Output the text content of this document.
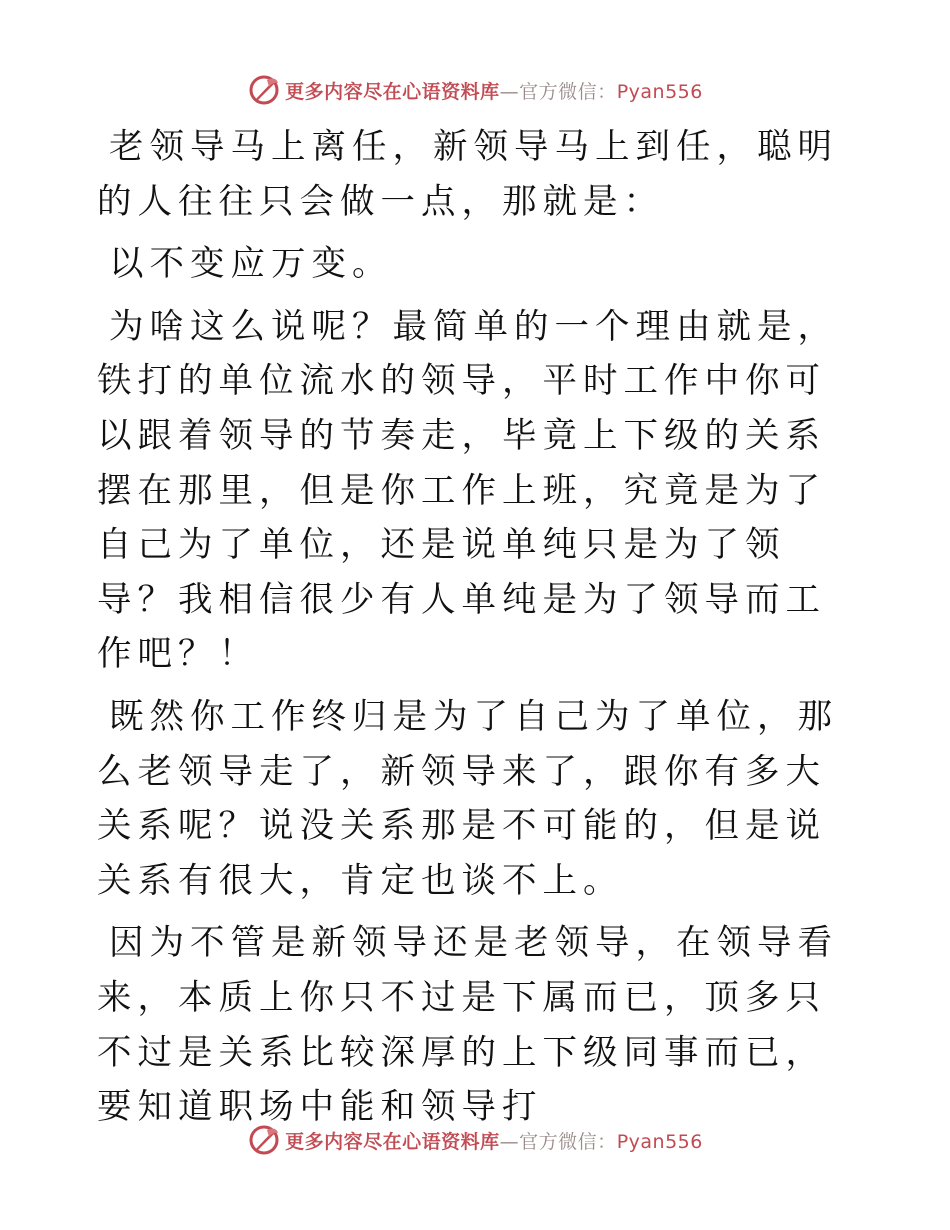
更多内容尽在心语资料库—官方微信：Pyan556

老领导马上离任，新领导马上到任，聪明的人往往只会做一点，那就是：

以不变应万变。

为啥这么说呢？最简单的一个理由就是，铁打的单位流水的领导，平时工作中你可以跟着领导的节奏走，毕竟上下级的关系摆在那里，但是你工作上班，究竟是为了自己为了单位，还是说单纯只是为了领导？我相信很少有人单纯是为了领导而工作吧？！

既然你工作终归是为了自己为了单位，那么老领导走了，新领导来了，跟你有多大关系呢？说没关系那是不可能的，但是说关系有很大，肯定也谈不上。

因为不管是新领导还是老领导，在领导看来，本质上你只不过是下属而已，顶多只不过是关系比较深厚的上下级同事而已，要知道职场中能和领导打

更多内容尽在心语资料库—官方微信：Pyan556
